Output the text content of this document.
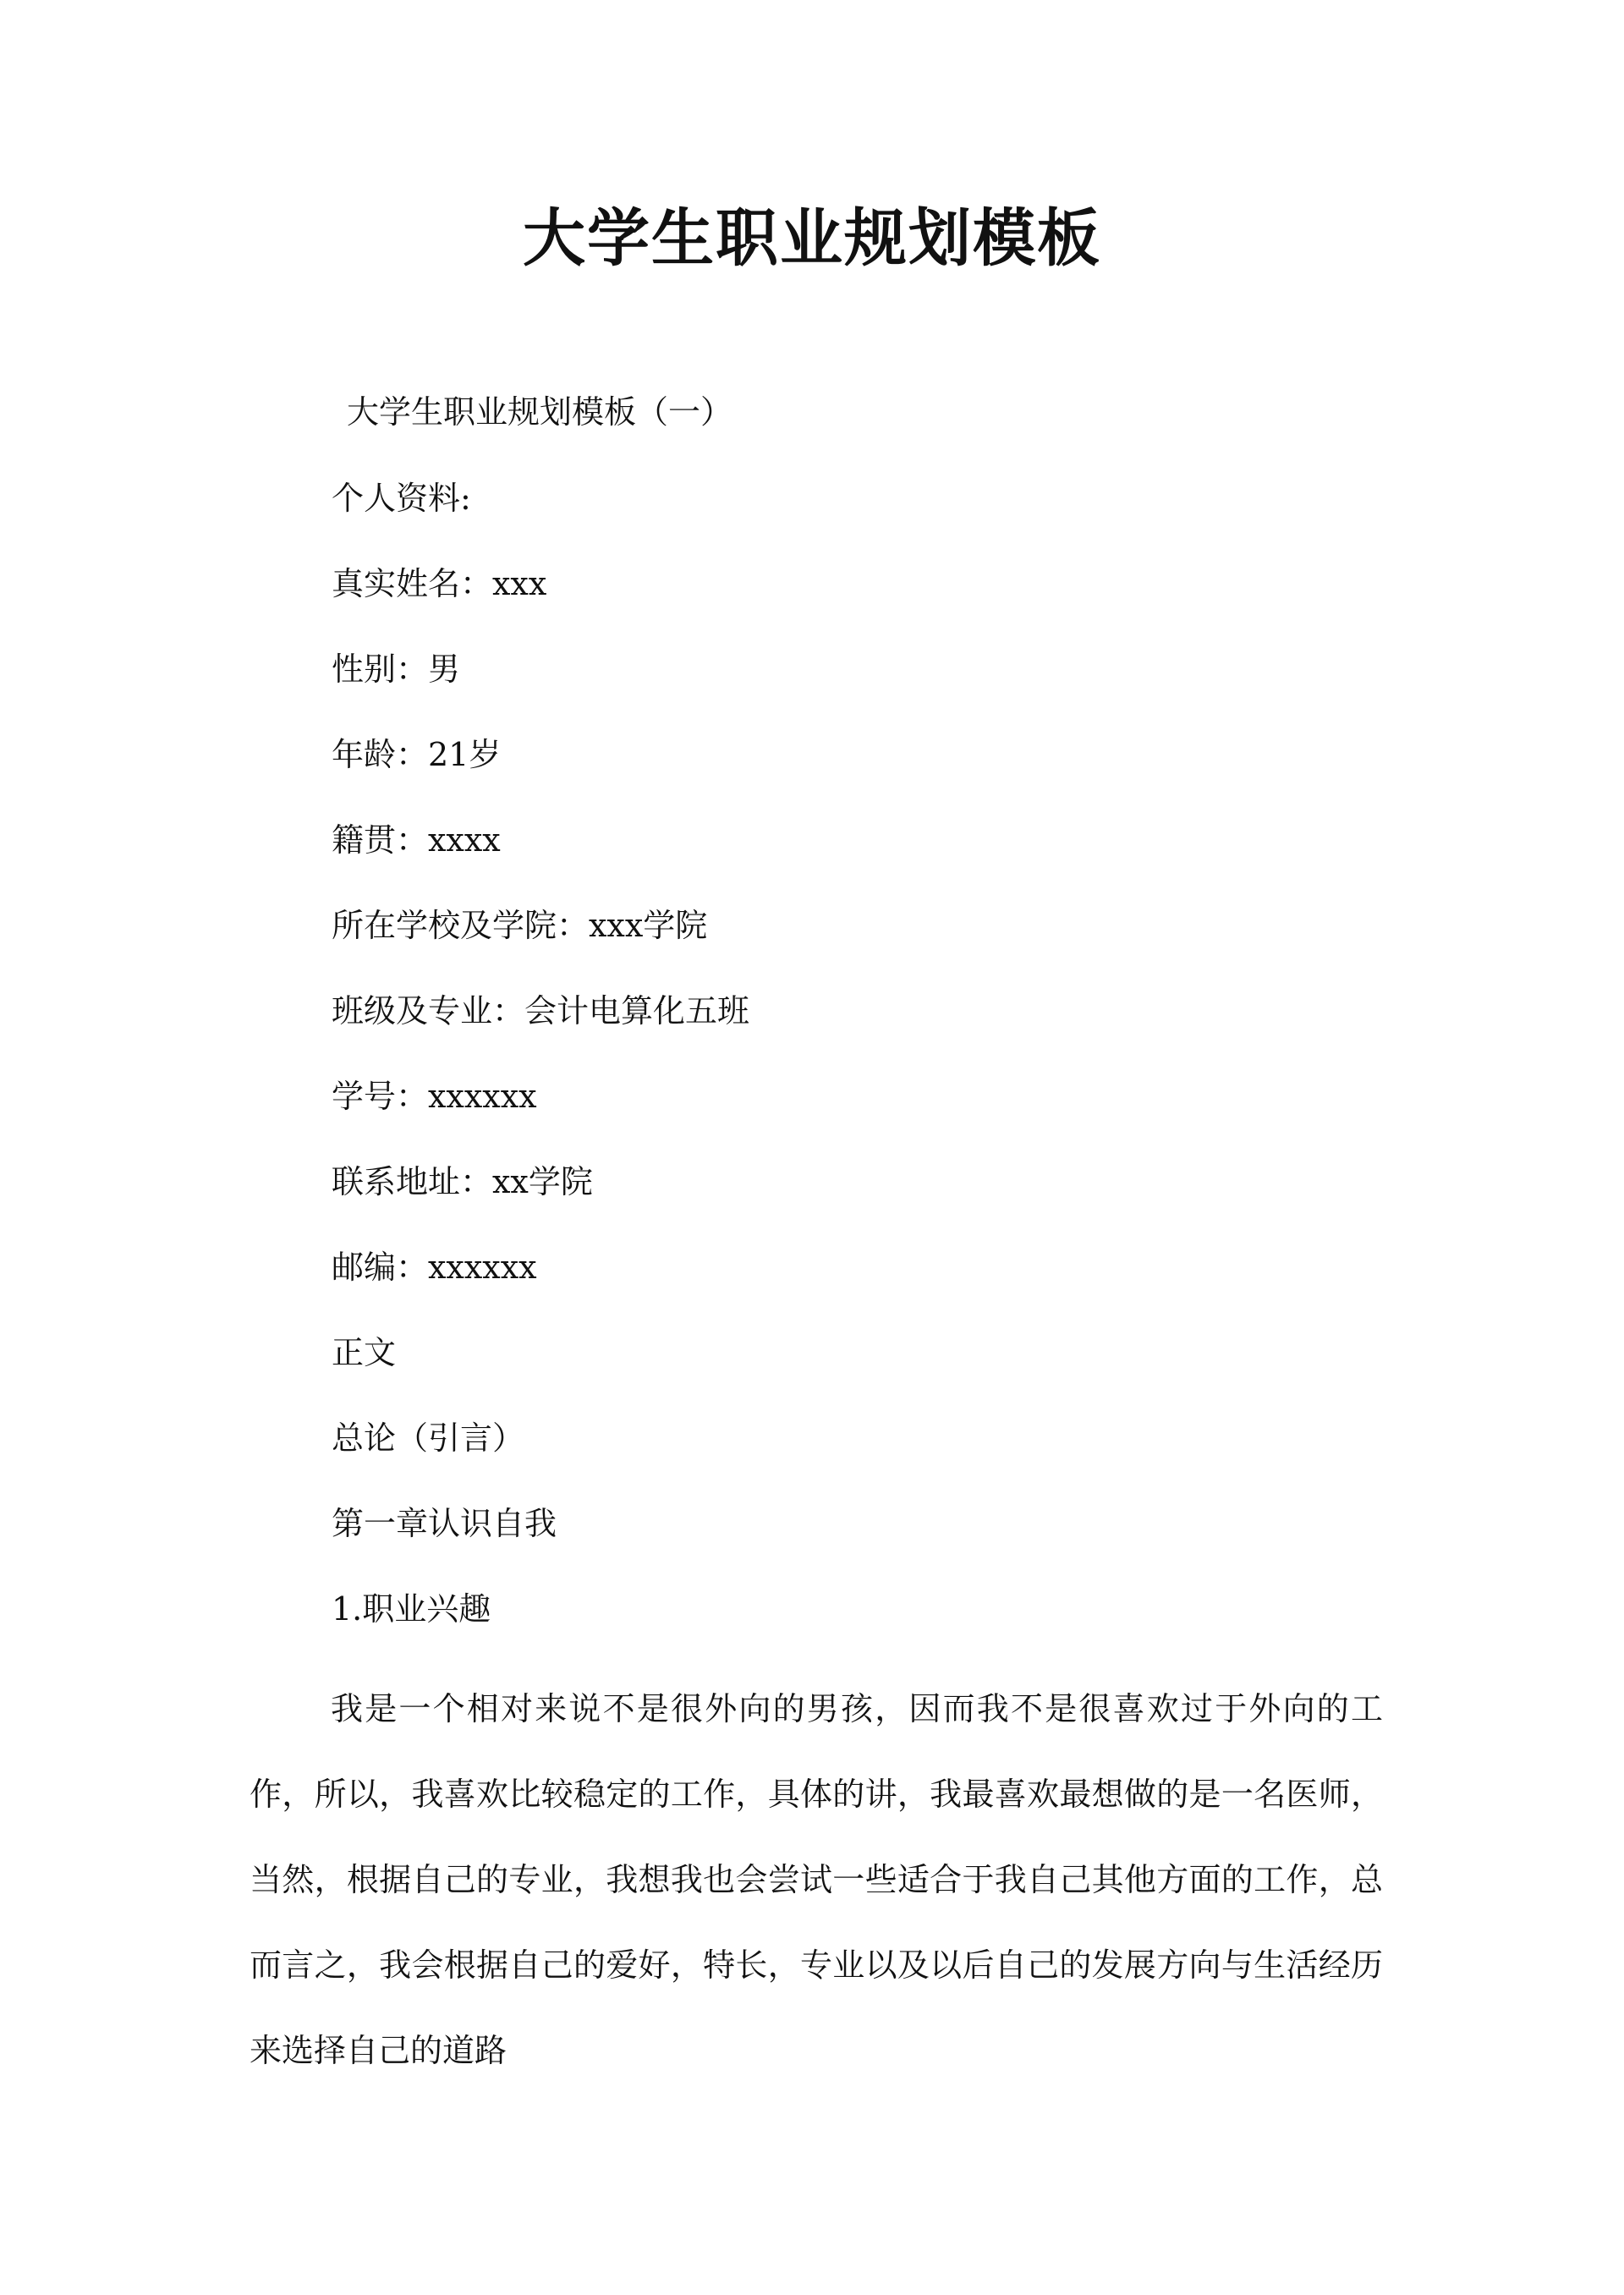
大学生职业规划模板

大学生职业规划模板（一）

个人资料:

真实姓名：xxx

性别：男

年龄：21岁

籍贯：xxxx

所在学校及学院：xxx学院

班级及专业：会计电算化五班

学号：xxxxxx

联系地址：xx学院

邮编：xxxxxx

正文

总论（引言）

第一章认识自我

1.职业兴趣

我是一个相对来说不是很外向的男孩，因而我不是很喜欢过于外向的工作，所以，我喜欢比较稳定的工作，具体的讲，我最喜欢最想做的是一名医师，当然，根据自己的专业，我想我也会尝试一些适合于我自己其他方面的工作，总而言之，我会根据自己的爱好，特长，专业以及以后自己的发展方向与生活经历来选择自己的道路
